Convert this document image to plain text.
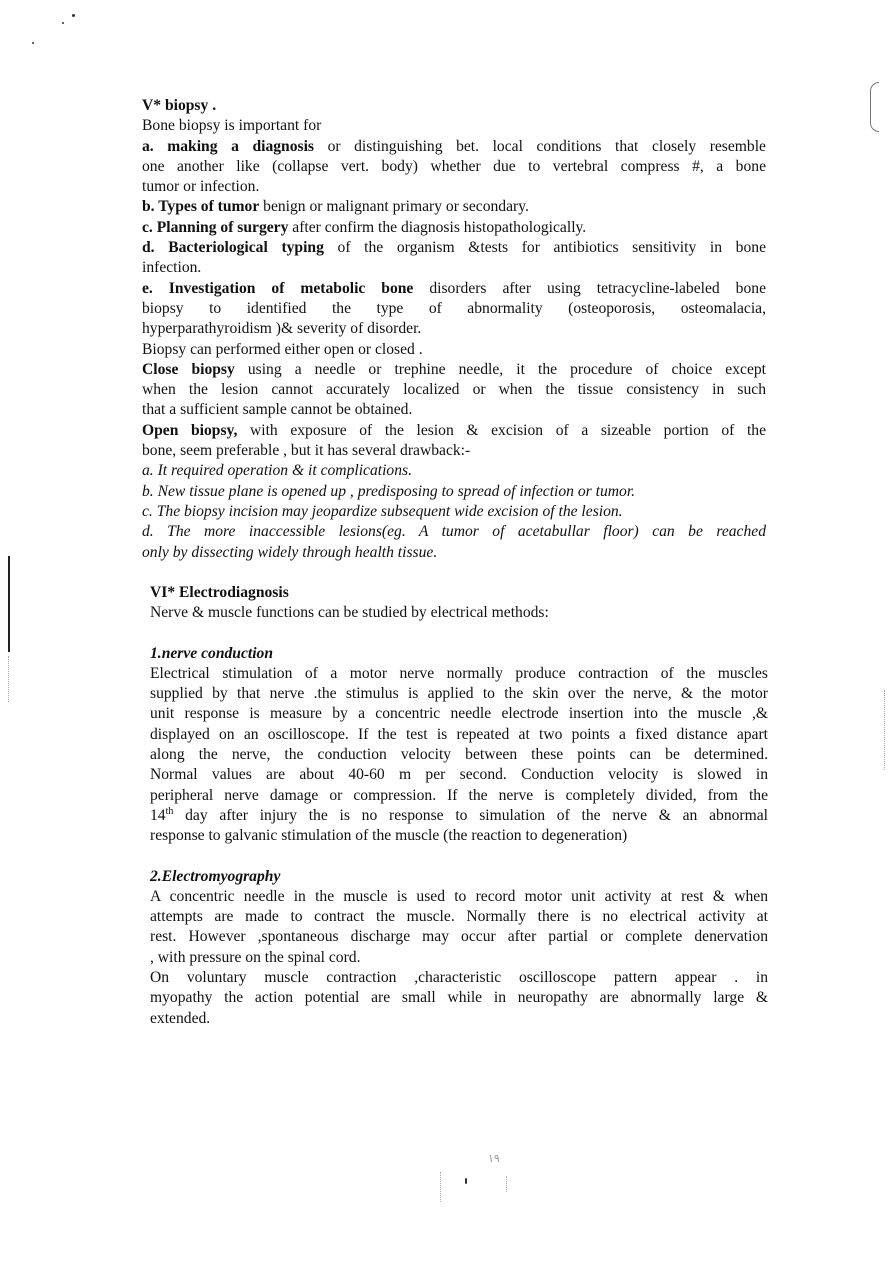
V* biopsy .

Bone biopsy is important for

a. making a diagnosis or distinguishing bet. local conditions that closely resemble

one another like (collapse vert. body) whether due to vertebral compress #, a bone

tumor or infection.

b. Types of tumor benign or malignant primary or secondary.

c. Planning of surgery after confirm the diagnosis histopathologically.

d. Bacteriological typing of the organism &tests for antibiotics sensitivity in bone

infection.

e. Investigation of metabolic bone disorders after using tetracycline-labeled bone

biopsy to identified the type of abnormality (osteoporosis, osteomalacia,

hyperparathyroidism )& severity of disorder.

Biopsy can performed either open or closed .

Close biopsy using a needle or trephine needle, it the procedure of choice except

when the lesion cannot accurately localized or when the tissue consistency in such

that a sufficient sample cannot be obtained.

Open biopsy, with exposure of the lesion & excision of a sizeable portion of the

bone, seem preferable , but it has several drawback:-

a. It required operation & it complications.

b. New tissue plane is opened up , predisposing to spread of infection or tumor.

c. The biopsy incision may jeopardize subsequent wide excision of the lesion.

d. The more inaccessible lesions(eg. A tumor of acetabullar floor) can be reached

only by dissecting widely through health tissue.

VI* Electrodiagnosis

Nerve & muscle functions can be studied by electrical methods:

1.nerve conduction

Electrical stimulation of a motor nerve normally produce contraction of the muscles

supplied by that nerve .the stimulus is applied to the skin over the nerve, & the motor

unit response is measure by a concentric needle electrode insertion into the muscle ,&

displayed on an oscilloscope. If the test is repeated at two points a fixed distance apart

along the nerve, the conduction velocity between these points can be determined.

Normal values are about 40-60 m per second. Conduction velocity is slowed in

peripheral nerve damage or compression. If the nerve is completely divided, from the

14th day after injury the is no response to simulation of the nerve & an abnormal

response to galvanic stimulation of the muscle (the reaction to degeneration)

2.Electromyography

A concentric needle in the muscle is used to record motor unit activity at rest & when

attempts are made to contract the muscle. Normally there is no electrical activity at

rest. However ,spontaneous discharge may occur after partial or complete denervation

, with pressure on the spinal cord.

On voluntary muscle contraction ,characteristic oscilloscope pattern appear . in

myopathy the action potential are small while in neuropathy are abnormally large &

extended.

١٩
